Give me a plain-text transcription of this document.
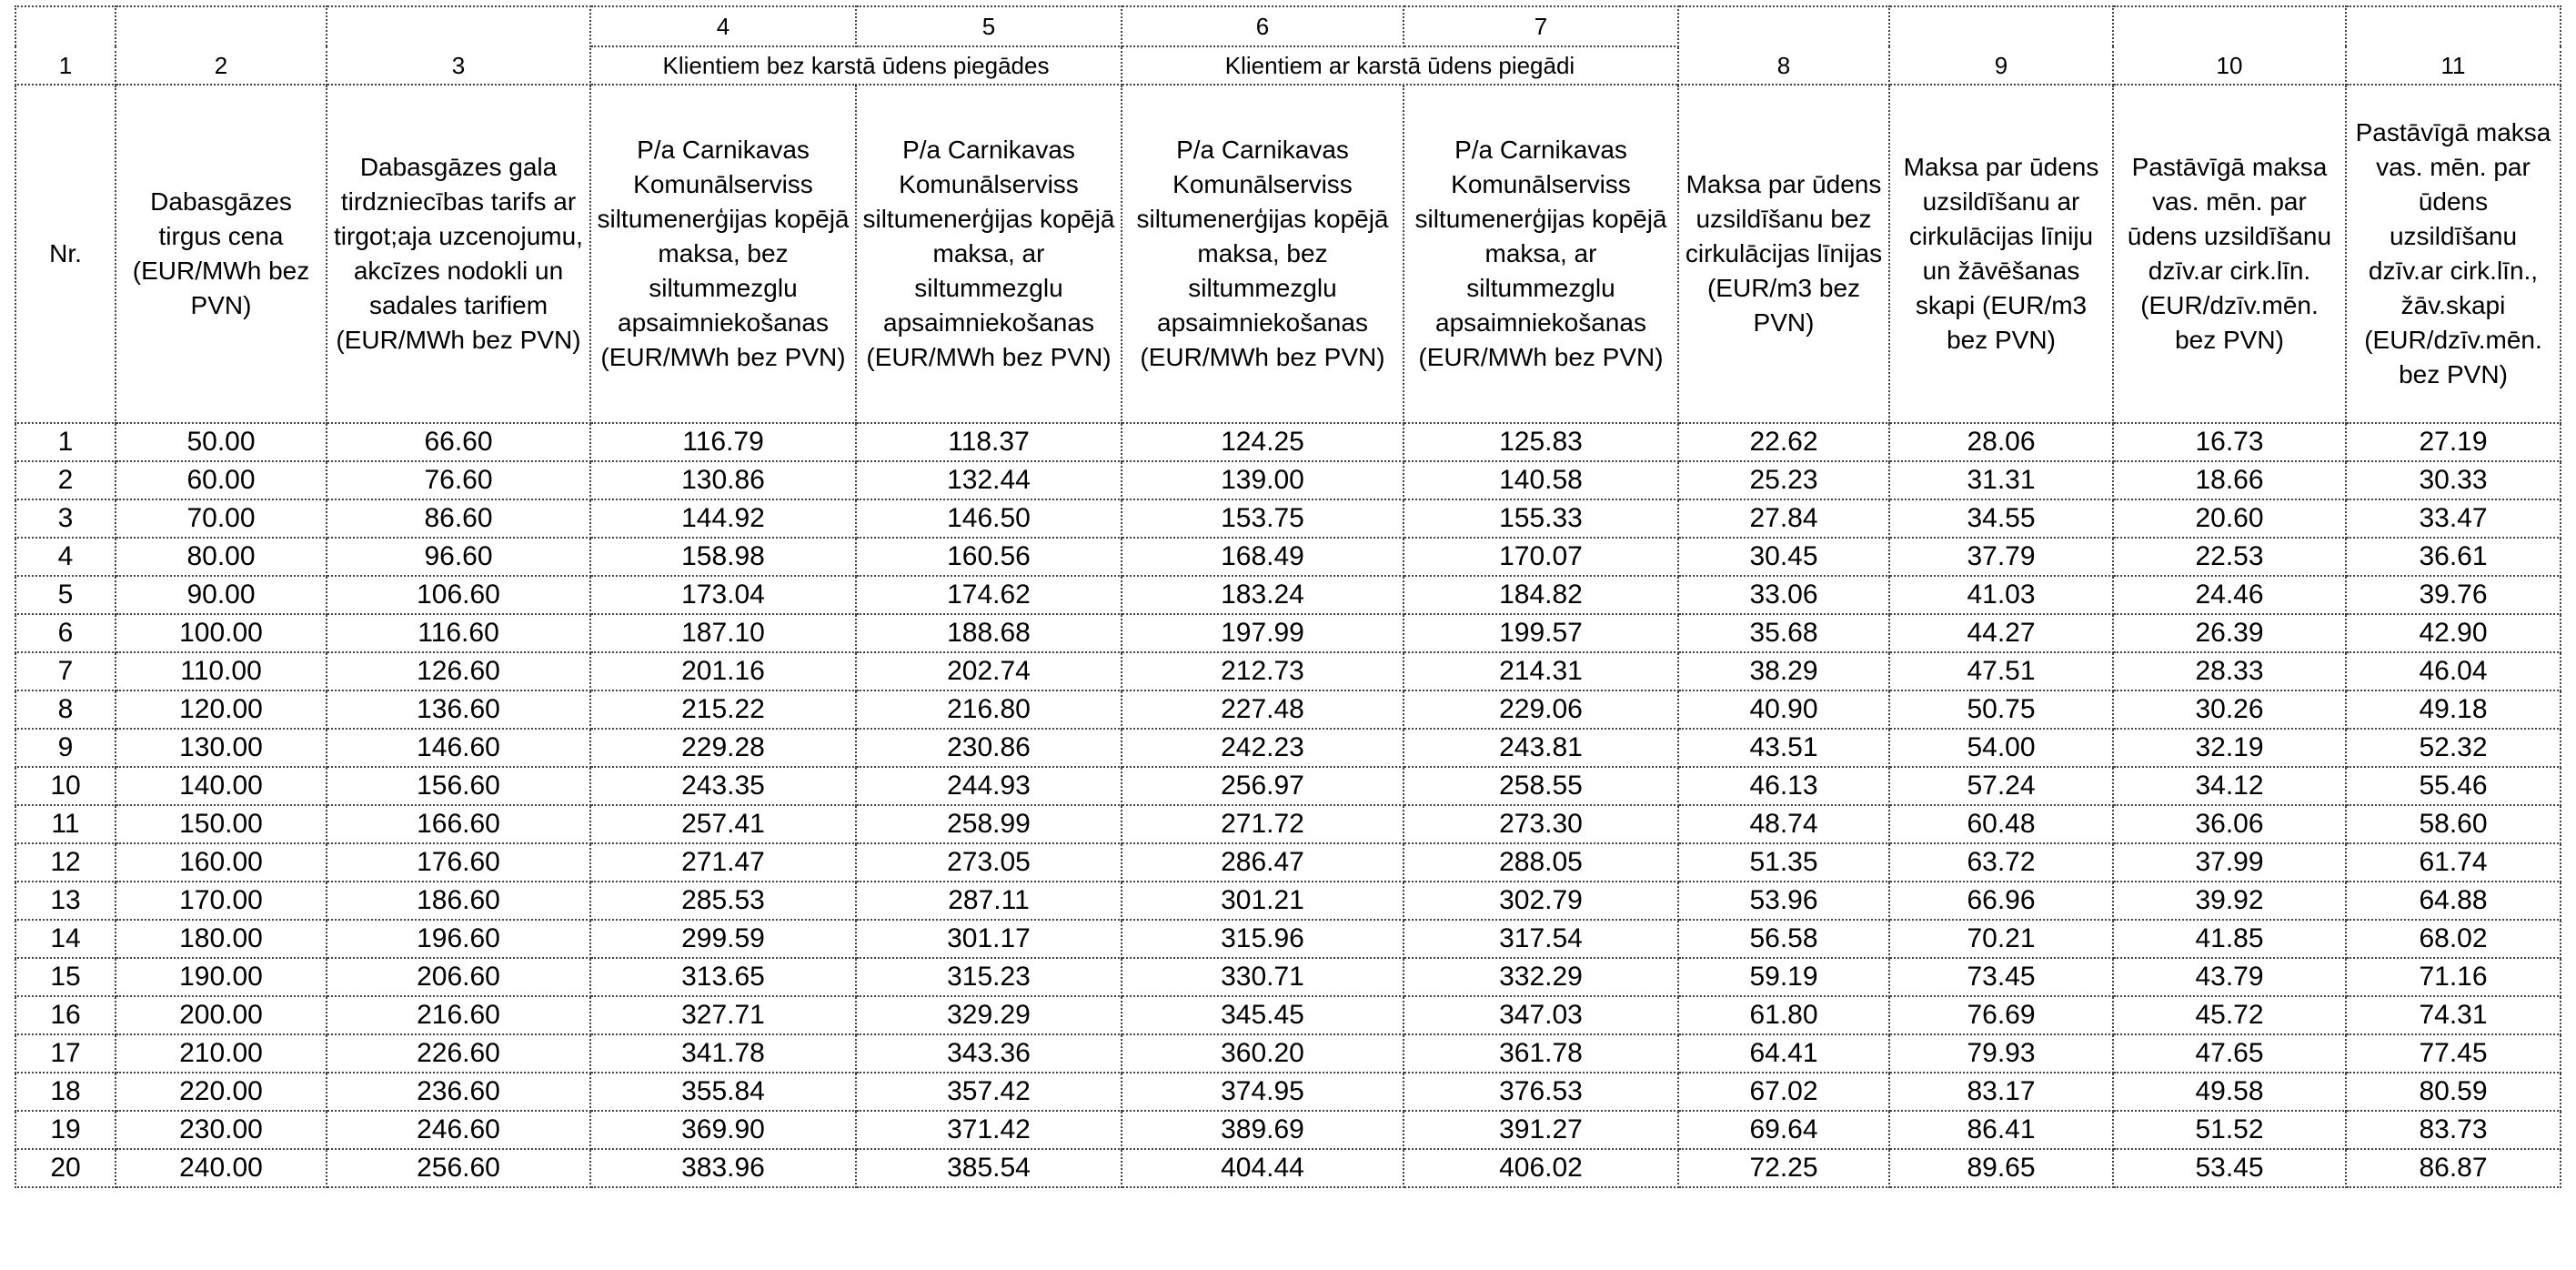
1	2	3	4	5	6	7	8	9	10	11
			Klientiem bez karstā ūdens piegādes		Klientiem ar karstā ūdens piegādi					
Nr.	Dabasgāzes tirgus cena (EUR/MWh bez PVN)	Dabasgāzes gala tirdzniecības tarifs ar tirgot;aja uzcenojumu, akcīzes nodokli un sadales tarifiem (EUR/MWh bez PVN)	P/a Carnikavas Komunālserviss siltumenerģijas kopējā maksa, bez siltummezglu apsaimniekošanas (EUR/MWh bez PVN)	P/a Carnikavas Komunālserviss siltumenerģijas kopējā maksa, ar siltummezglu apsaimniekošanas (EUR/MWh bez PVN)	P/a Carnikavas Komunālserviss siltumenerģijas kopējā maksa, bez siltummezglu apsaimniekošanas (EUR/MWh bez PVN)	P/a Carnikavas Komunālserviss siltumenerģijas kopējā maksa, ar siltummezglu apsaimniekošanas (EUR/MWh bez PVN)	Maksa par ūdens uzsildīšanu bez cirkulācijas līnijas (EUR/m3 bez PVN)	Maksa par ūdens uzsildīšanu ar cirkulācijas līniju un žāvēšanas skapi (EUR/m3 bez PVN)	Pastāvīgā maksa vas. mēn. par ūdens uzsildīšanu dzīv.ar cirk.līn. (EUR/dzīv.mēn. bez PVN)	Pastāvīgā maksa vas. mēn. par ūdens uzsildīšanu dzīv.ar cirk.līn., žāv.skapi (EUR/dzīv.mēn. bez PVN)
1	50.00	66.60	116.79	118.37	124.25	125.83	22.62	28.06	16.73	27.19
2	60.00	76.60	130.86	132.44	139.00	140.58	25.23	31.31	18.66	30.33
3	70.00	86.60	144.92	146.50	153.75	155.33	27.84	34.55	20.60	33.47
4	80.00	96.60	158.98	160.56	168.49	170.07	30.45	37.79	22.53	36.61
5	90.00	106.60	173.04	174.62	183.24	184.82	33.06	41.03	24.46	39.76
6	100.00	116.60	187.10	188.68	197.99	199.57	35.68	44.27	26.39	42.90
7	110.00	126.60	201.16	202.74	212.73	214.31	38.29	47.51	28.33	46.04
8	120.00	136.60	215.22	216.80	227.48	229.06	40.90	50.75	30.26	49.18
9	130.00	146.60	229.28	230.86	242.23	243.81	43.51	54.00	32.19	52.32
10	140.00	156.60	243.35	244.93	256.97	258.55	46.13	57.24	34.12	55.46
11	150.00	166.60	257.41	258.99	271.72	273.30	48.74	60.48	36.06	58.60
12	160.00	176.60	271.47	273.05	286.47	288.05	51.35	63.72	37.99	61.74
13	170.00	186.60	285.53	287.11	301.21	302.79	53.96	66.96	39.92	64.88
14	180.00	196.60	299.59	301.17	315.96	317.54	56.58	70.21	41.85	68.02
15	190.00	206.60	313.65	315.23	330.71	332.29	59.19	73.45	43.79	71.16
16	200.00	216.60	327.71	329.29	345.45	347.03	61.80	76.69	45.72	74.31
17	210.00	226.60	341.78	343.36	360.20	361.78	64.41	79.93	47.65	77.45
18	220.00	236.60	355.84	357.42	374.95	376.53	67.02	83.17	49.58	80.59
19	230.00	246.60	369.90	371.42	389.69	391.27	69.64	86.41	51.52	83.73
20	240.00	256.60	383.96	385.54	404.44	406.02	72.25	89.65	53.45	86.87
